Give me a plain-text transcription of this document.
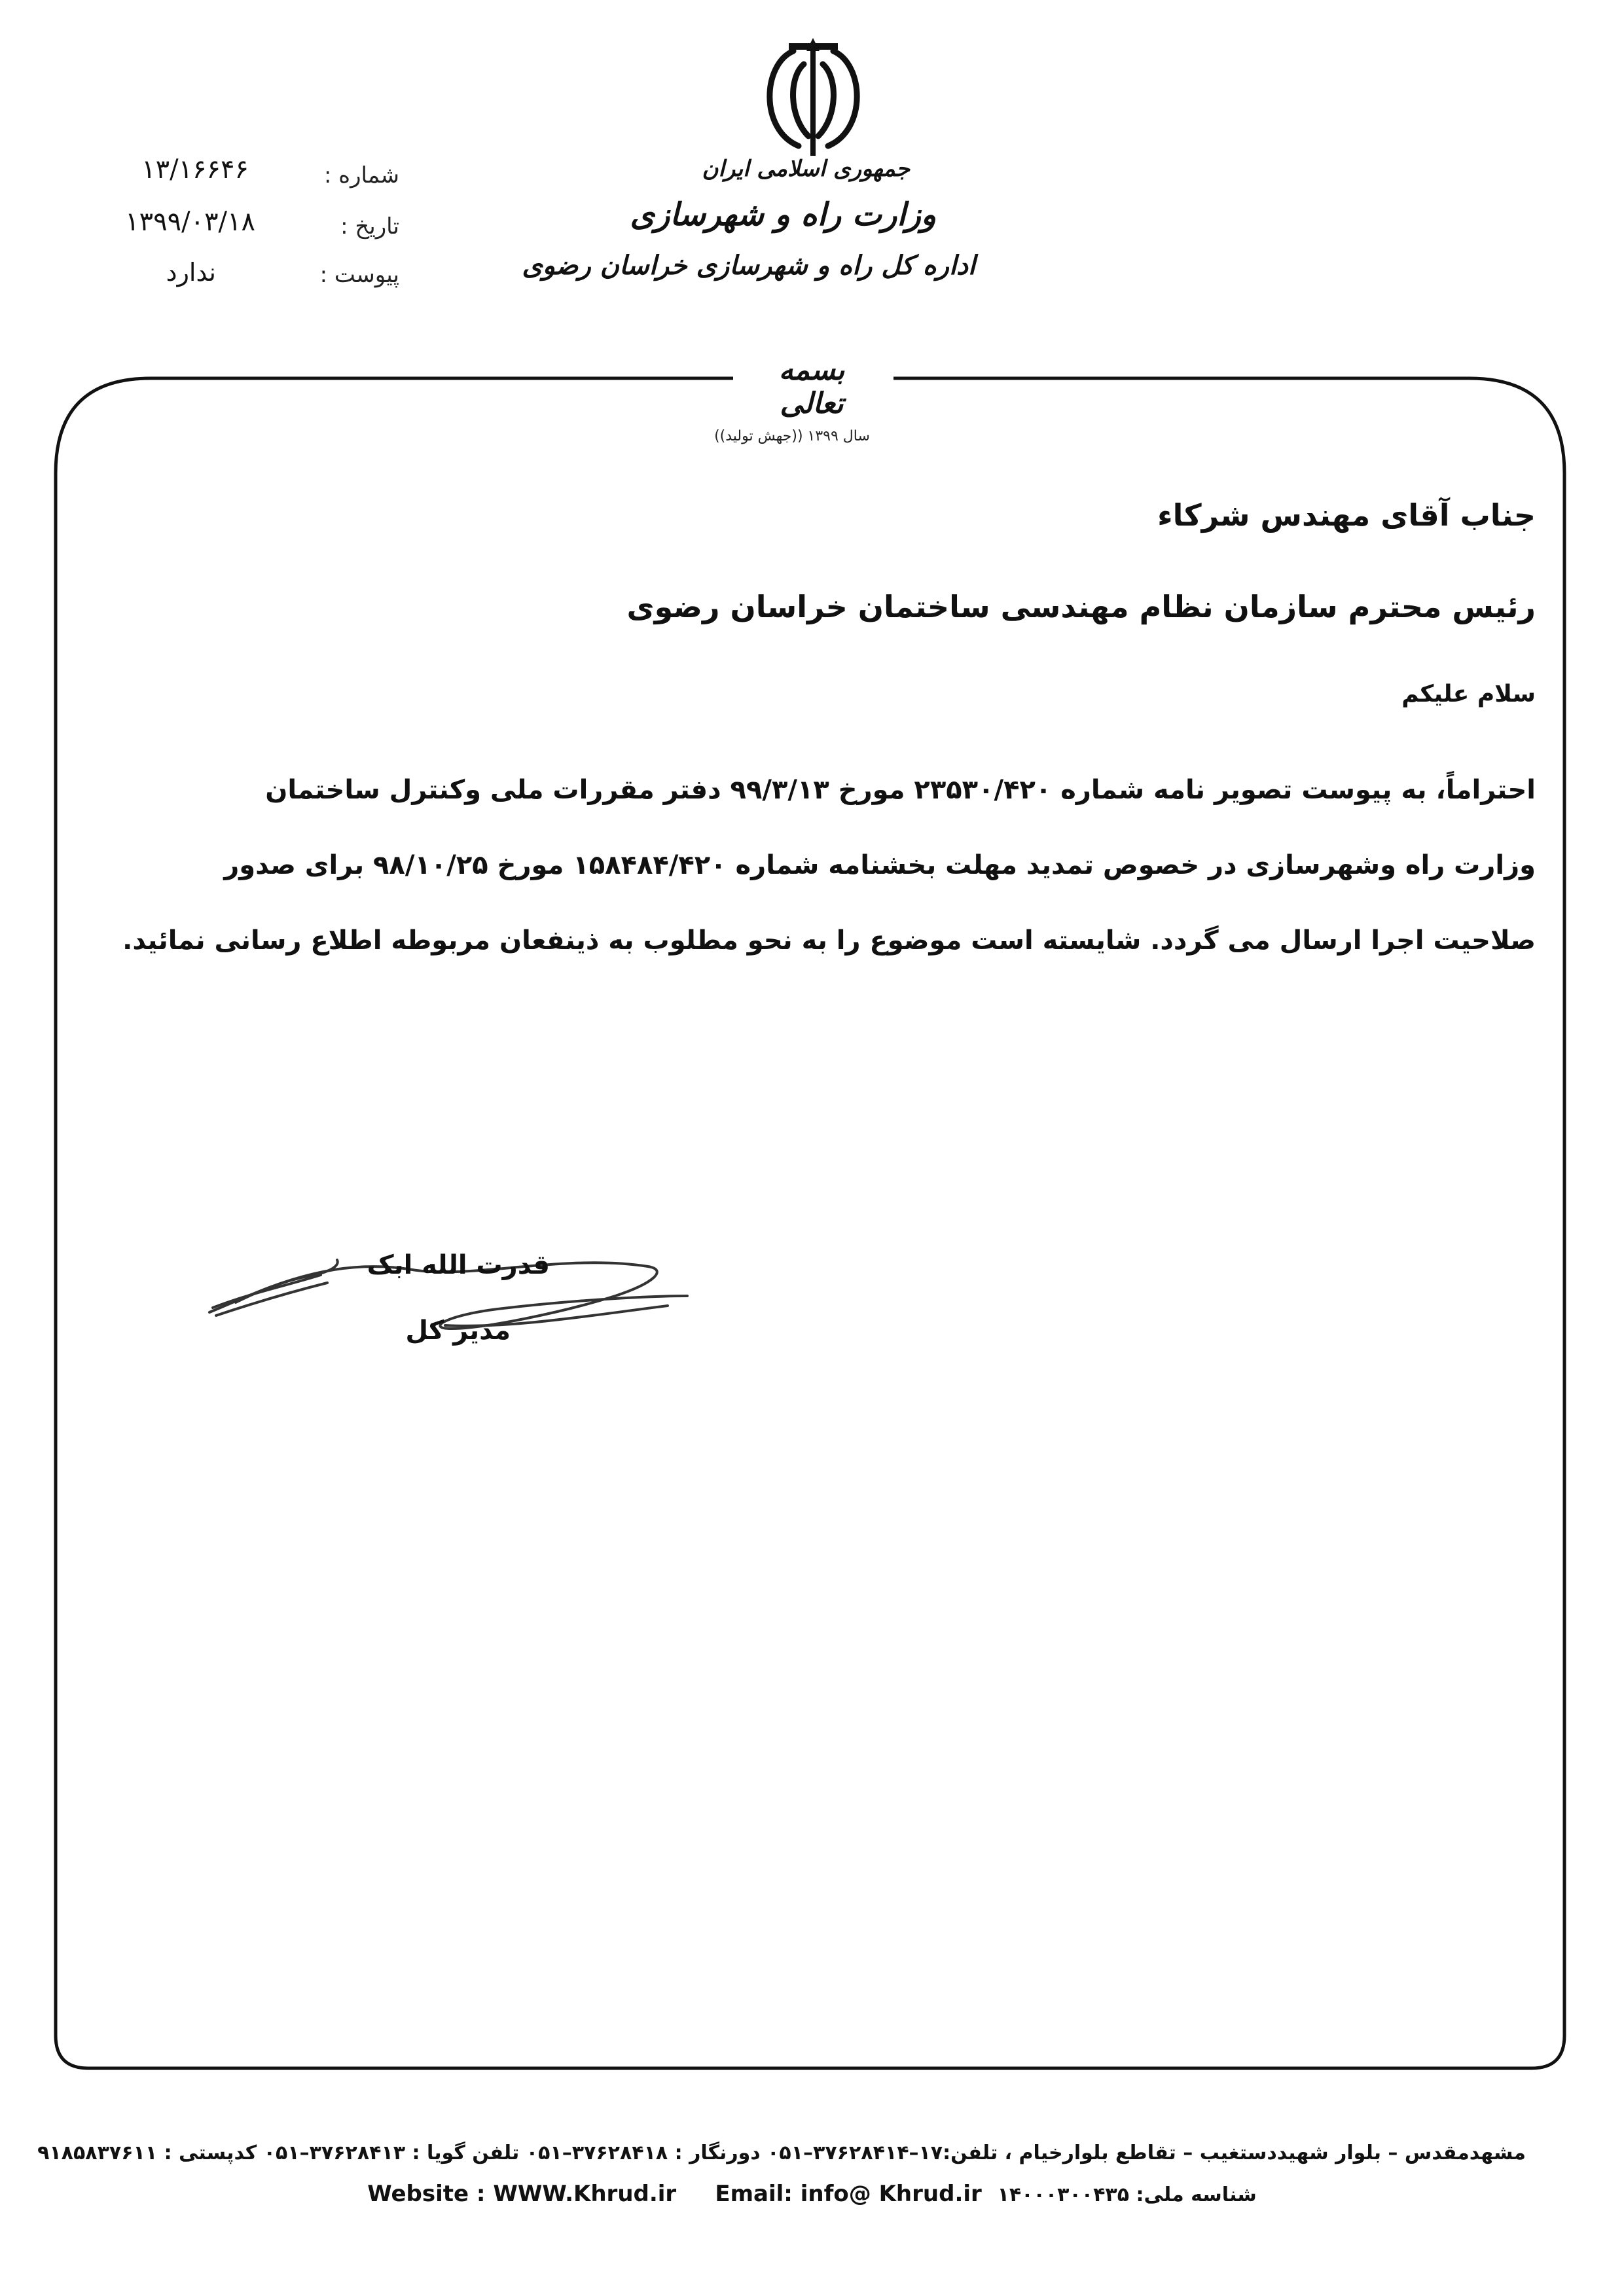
جمهوری اسلامی ایران
وزارت راه و شهرسازی
اداره کل راه و شهرسازی خراسان رضوی
شماره :
۱۳/۱۶۶۴۶
تاریخ :
۱۳۹۹/۰۳/۱۸
پیوست :
ندارد
بسمه تعالی
سال ۱۳۹۹ ((جهش تولید))
جناب آقای مهندس شرکاء
رئیس محترم سازمان نظام مهندسی ساختمان خراسان رضوی
سلام علیکم

احتراماً، به پیوست تصویر نامه شماره ۲۳۵۳۰/۴۲۰ مورخ ۹۹/۳/۱۳ دفتر مقررات ملی وکنترل ساختمان

وزارت راه وشهرسازی در خصوص تمدید مهلت بخشنامه شماره ۱۵۸۴۸۴/۴۲۰ مورخ ۹۸/۱۰/۲۵ برای صدور

صلاحیت اجرا ارسال می گردد. شایسته است موضوع را به نحو مطلوب به ذینفعان مربوطه اطلاع رسانی نمائید.

قدرت الله ابک
مدیر کل
مشهدمقدس – بلوار شهیددستغیب – تقاطع بلوارخیام ، تلفن:۱۷–۳۷۶۲۸۴۱۴–۰۵۱ دورنگار : ۳۷۶۲۸۴۱۸–۰۵۱ تلفن گویا : ۳۷۶۲۸۴۱۳–۰۵۱ کدپستی : ۹۱۸۵۸۳۷۶۱۱
Website : WWW.Khrud.ir Email: info@ Khrud.ir شناسه ملی: ۱۴۰۰۰۳۰۰۴۳۵
